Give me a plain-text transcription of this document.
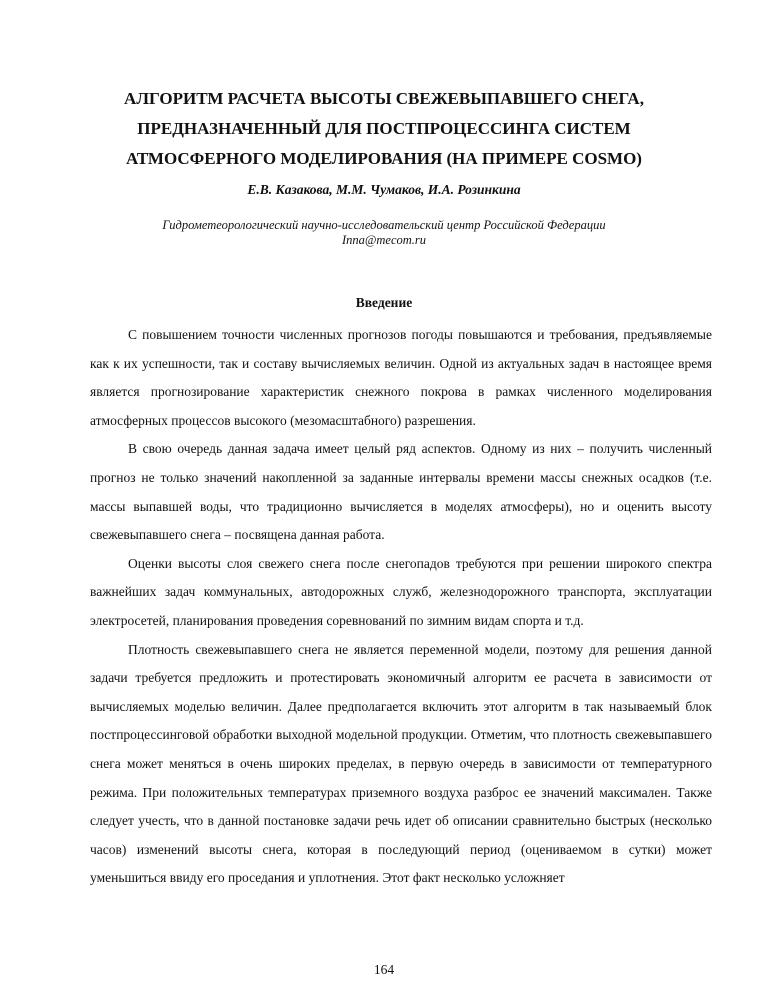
АЛГОРИТМ РАСЧЕТА ВЫСОТЫ СВЕЖЕВЫПАВШЕГО СНЕГА,
ПРЕДНАЗНАЧЕННЫЙ ДЛЯ ПОСТПРОЦЕССИНГА СИСТЕМ
АТМОСФЕРНОГО МОДЕЛИРОВАНИЯ (НА ПРИМЕРЕ COSMO)
Е.В. Казакова, М.М. Чумаков, И.А. Розинкина
Гидрометеорологический научно-исследовательский центр Российской Федерации
Inna@mecom.ru
Введение

С повышением точности численных прогнозов погоды повышаются и требования, предъявляемые как к их успешности, так и составу вычисляемых величин. Одной из актуальных задач в настоящее время является прогнозирование характеристик снежного покрова в рамках численного моделирования атмосферных процессов высокого (мезомасштабного) разрешения.

В свою очередь данная задача имеет целый ряд аспектов. Одному из них – получить численный прогноз не только значений накопленной за заданные интервалы времени массы снежных осадков (т.е. массы выпавшей воды, что традиционно вычисляется в моделях атмосферы), но и оценить высоту свежевыпавшего снега – посвящена данная работа.

Оценки высоты слоя свежего снега после снегопадов требуются при решении широкого спектра важнейших задач коммунальных, автодорожных служб, железнодорожного транспорта, эксплуатации электросетей, планирования проведения соревнований по зимним видам спорта и т.д.

Плотность свежевыпавшего снега не является переменной модели, поэтому для решения данной задачи требуется предложить и протестировать экономичный алгоритм ее расчета в зависимости от вычисляемых моделью величин. Далее предполагается включить этот алгоритм в так называемый блок постпроцессинговой обработки выходной модельной продукции. Отметим, что плотность свежевыпавшего снега может меняться в очень широких пределах, в первую очередь в зависимости от температурного режима. При положительных температурах приземного воздуха разброс ее значений максимален. Также следует учесть, что в данной постановке задачи речь идет об описании сравнительно быстрых (несколько часов) изменений высоты снега, которая в последующий период (оцениваемом в сутки) может уменьшиться ввиду его проседания и уплотнения. Этот факт несколько усложняет

164
